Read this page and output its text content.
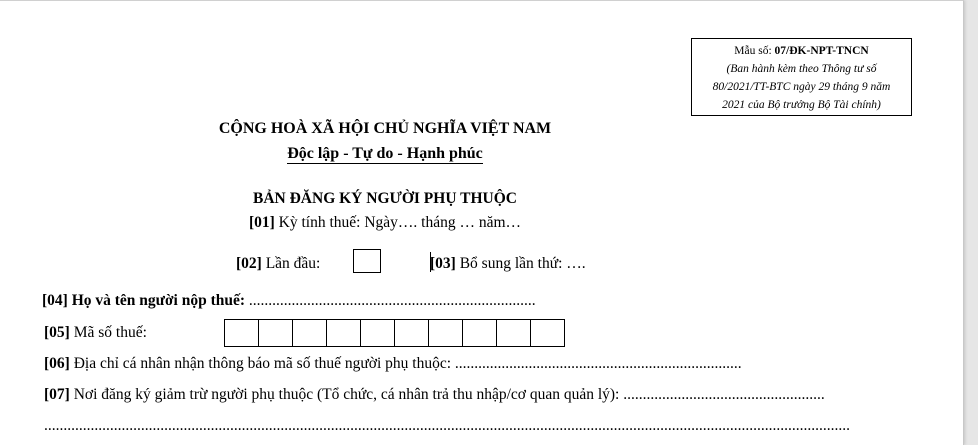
Mẫu số: 07/ĐK-NPT-TNCN
(Ban hành kèm theo Thông tư số
80/2021/TT-BTC ngày 29 tháng 9 năm
2021 của Bộ trưởng Bộ Tài chính)
CỘNG HOÀ XÃ HỘI CHỦ NGHĨA VIỆT NAM
Độc lập - Tự do - Hạnh phúc
BẢN ĐĂNG KÝ NGƯỜI PHỤ THUỘC
[01] Kỳ tính thuế: Ngày…. tháng … năm…
[02] Lần đầu:	[03] Bổ sung lần thứ: ….
[04] Họ và tên người nộp thuế: ..........................................................................
[05] Mã số thuế:
[06] Địa chỉ cá nhân nhận thông báo mã số thuế người phụ thuộc: ..........................................................................
[07] Nơi đăng ký giảm trừ người phụ thuộc (Tổ chức, cá nhân trả thu nhập/cơ quan quản lý): ....................................................
................................................................................................................................................................................................................
